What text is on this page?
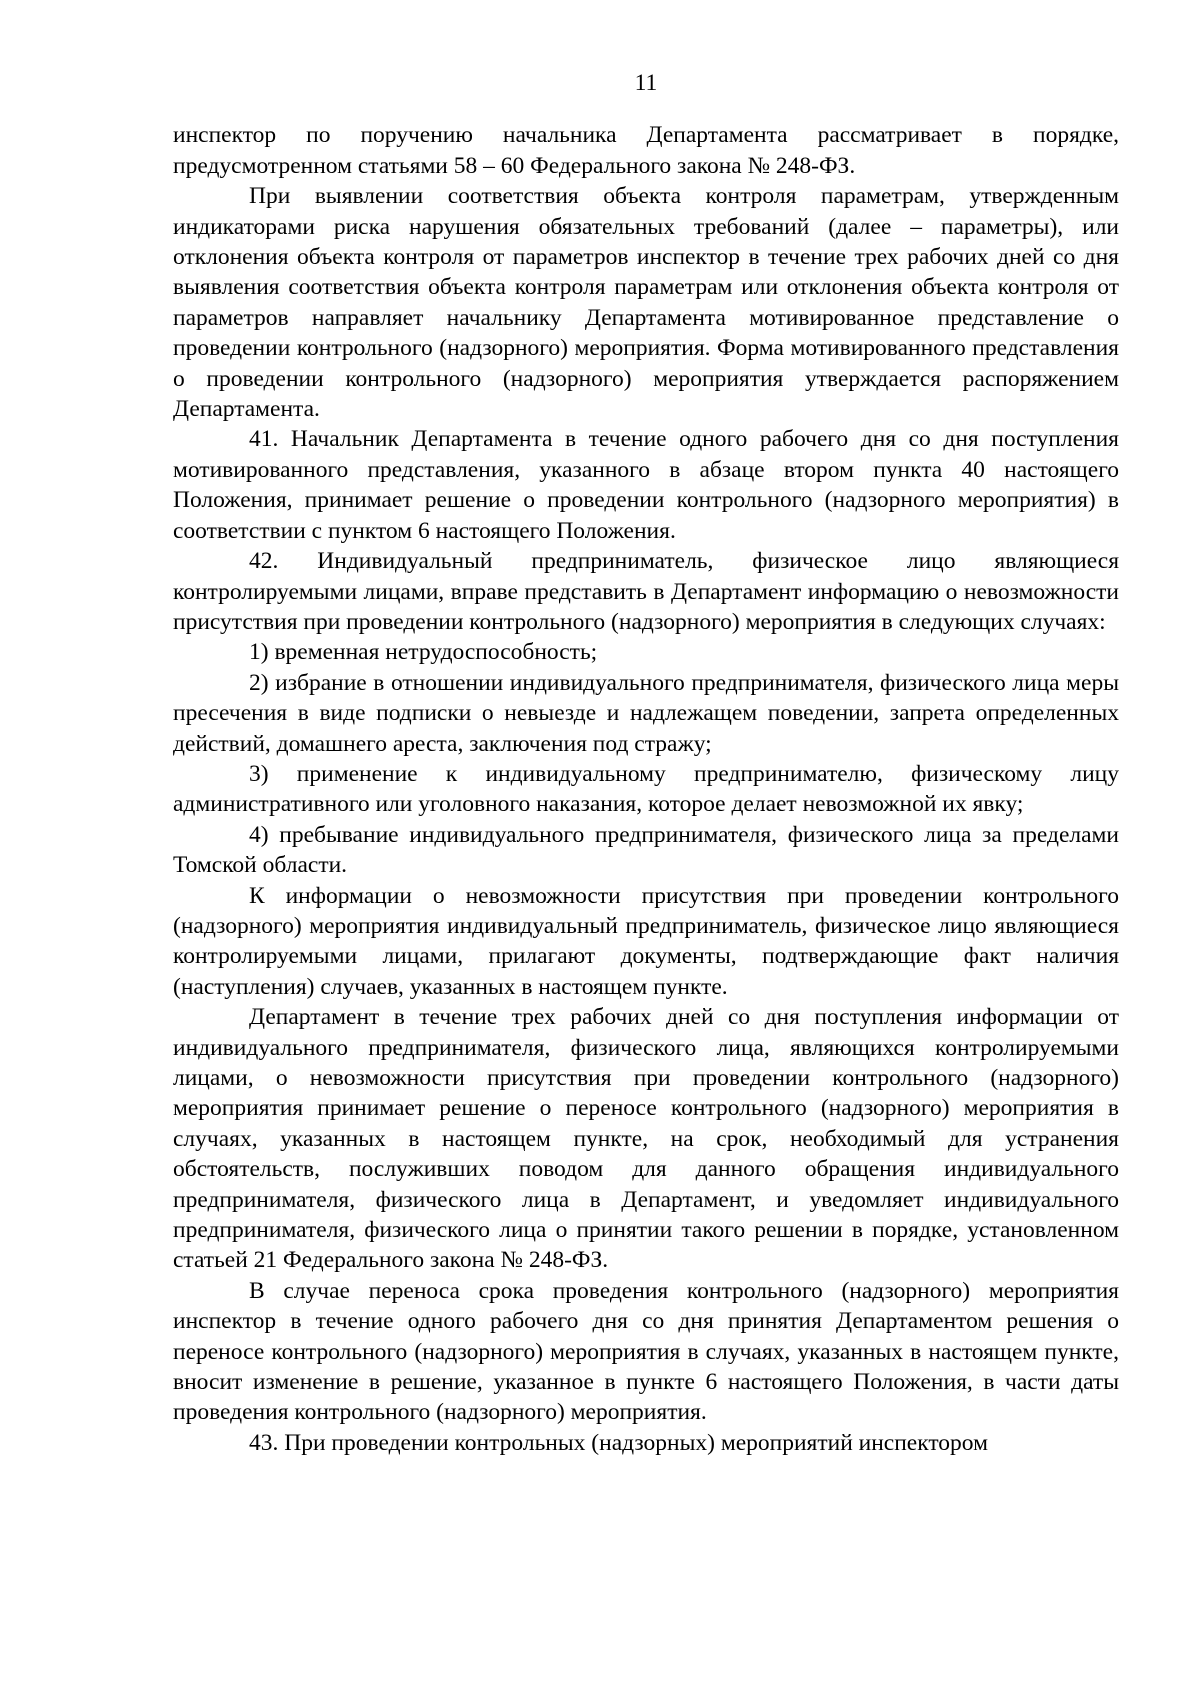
11

инспектор по поручению начальника Департамента рассматривает в порядке, предусмотренном статьями 58 – 60 Федерального закона № 248-ФЗ.

При выявлении соответствия объекта контроля параметрам, утвержденным индикаторами риска нарушения обязательных требований (далее – параметры), или отклонения объекта контроля от параметров инспектор в течение трех рабочих дней со дня выявления соответствия объекта контроля параметрам или отклонения объекта контроля от параметров направляет начальнику Департамента мотивированное представление о проведении контрольного (надзорного) мероприятия. Форма мотивированного представления о проведении контрольного (надзорного) мероприятия утверждается распоряжением Департамента.

41. Начальник Департамента в течение одного рабочего дня со дня поступления мотивированного представления, указанного в абзаце втором пункта 40 настоящего Положения, принимает решение о проведении контрольного (надзорного мероприятия) в соответствии с пунктом 6 настоящего Положения.

42. Индивидуальный предприниматель, физическое лицо являющиеся контролируемыми лицами, вправе представить в Департамент информацию о невозможности присутствия при проведении контрольного (надзорного) мероприятия в следующих случаях:

1) временная нетрудоспособность;

2) избрание в отношении индивидуального предпринимателя, физического лица меры пресечения в виде подписки о невыезде и надлежащем поведении, запрета определенных действий, домашнего ареста, заключения под стражу;

3) применение к индивидуальному предпринимателю, физическому лицу административного или уголовного наказания, которое делает невозможной их явку;

4) пребывание индивидуального предпринимателя, физического лица за пределами Томской области.

К информации о невозможности присутствия при проведении контрольного (надзорного) мероприятия индивидуальный предприниматель, физическое лицо являющиеся контролируемыми лицами, прилагают документы, подтверждающие факт наличия (наступления) случаев, указанных в настоящем пункте.

Департамент в течение трех рабочих дней со дня поступления информации от индивидуального предпринимателя, физического лица, являющихся контролируемыми лицами, о невозможности присутствия при проведении контрольного (надзорного) мероприятия принимает решение о переносе контрольного (надзорного) мероприятия в случаях, указанных в настоящем пункте, на срок, необходимый для устранения обстоятельств, послуживших поводом для данного обращения индивидуального предпринимателя, физического лица в Департамент, и уведомляет индивидуального предпринимателя, физического лица о принятии такого решении в порядке, установленном статьей 21 Федерального закона № 248-ФЗ.

В случае переноса срока проведения контрольного (надзорного) мероприятия инспектор в течение одного рабочего дня со дня принятия Департаментом решения о переносе контрольного (надзорного) мероприятия в случаях, указанных в настоящем пункте, вносит изменение в решение, указанное в пункте 6 настоящего Положения, в части даты проведения контрольного (надзорного) мероприятия.

43. При проведении контрольных (надзорных) мероприятий инспектором
